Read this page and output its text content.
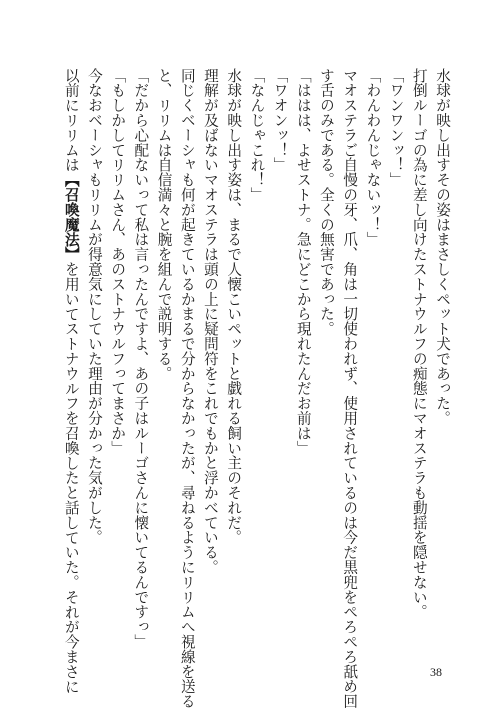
水球が映し出すその姿はまさしくペット犬であった。
打倒ルーゴの為に差し向けたストナウルフの痴態にマオステラも動揺を隠せない。
「ワンワンッ！」
「わんわんじゃないッ！」
マオステラご自慢の牙、爪、角は一切使われず、使用されているのは今だ黒兜をぺろぺろ舐め回
す舌のみである。全くの無害であった。
「ははは、よせストナ。急にどこから現れたんだお前は」
「ワオンッ！」
「なんじゃこれ！」
水球が映し出す姿は、まるで人懐こいペットと戯れる飼い主のそれだ。
理解が及ばないマオステラは頭の上に疑問符をこれでもかと浮かべている。
同じくベーシャも何が起きているかまるで分からなかったが、尋ねるようにリリムへ視線を送る
と、リリムは自信満々と腕を組んで説明する。
「だから心配ないって私は言ったんですよ、あの子はルーゴさんに懐いてるんですっ」
「もしかしてリリムさん、あのストナウルフってまさか」
今なおベーシャもリリムが得意気にしていた理由が分かった気がした。
以前にリリムは【召喚魔法】を用いてストナウルフを召喚したと話していた。それが今まさに	38
